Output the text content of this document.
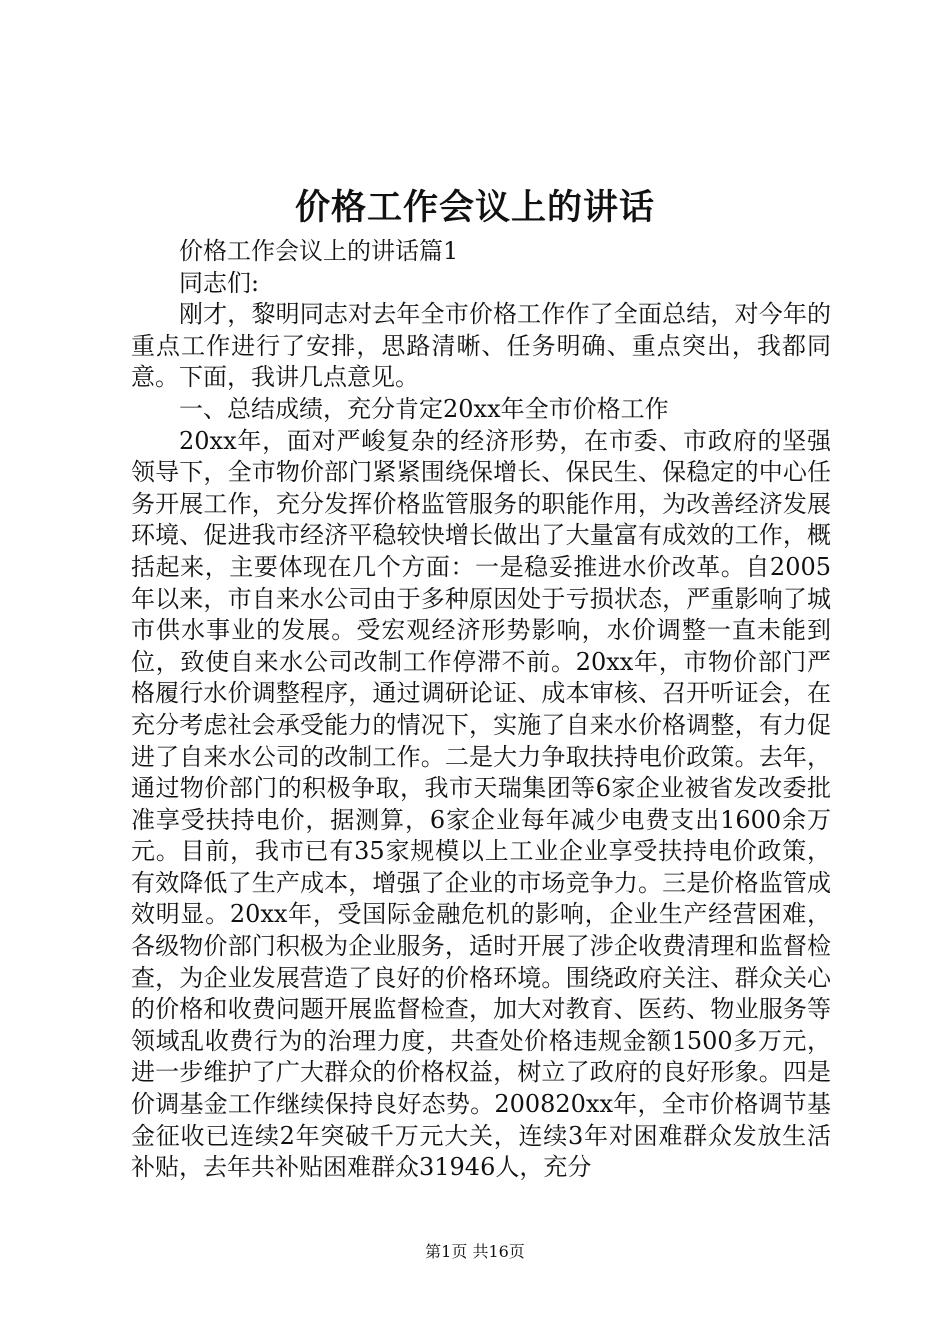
价格工作会议上的讲话

价格工作会议上的讲话篇1

同志们:

刚才，黎明同志对去年全市价格工作作了全面总结，对今年的重点工作进行了安排，思路清晰、任务明确、重点突出，我都同意。下面，我讲几点意见。

一、总结成绩，充分肯定20xx年全市价格工作

20xx年，面对严峻复杂的经济形势，在市委、市政府的坚强领导下，全市物价部门紧紧围绕保增长、保民生、保稳定的中心任务开展工作，充分发挥价格监管服务的职能作用，为改善经济发展环境、促进我市经济平稳较快增长做出了大量富有成效的工作，概括起来，主要体现在几个方面：一是稳妥推进水价改革。自2005年以来，市自来水公司由于多种原因处于亏损状态，严重影响了城市供水事业的发展。受宏观经济形势影响，水价调整一直未能到位，致使自来水公司改制工作停滞不前。20xx年，市物价部门严格履行水价调整程序，通过调研论证、成本审核、召开听证会，在充分考虑社会承受能力的情况下，实施了自来水价格调整，有力促进了自来水公司的改制工作。二是大力争取扶持电价政策。去年，通过物价部门的积极争取，我市天瑞集团等6家企业被省发改委批准享受扶持电价，据测算，6家企业每年减少电费支出1600余万元。目前，我市已有35家规模以上工业企业享受扶持电价政策，有效降低了生产成本，增强了企业的市场竞争力。三是价格监管成效明显。20xx年，受国际金融危机的影响，企业生产经营困难，各级物价部门积极为企业服务，适时开展了涉企收费清理和监督检查，为企业发展营造了良好的价格环境。围绕政府关注、群众关心的价格和收费问题开展监督检查，加大对教育、医药、物业服务等领域乱收费行为的治理力度，共查处价格违规金额1500多万元，进一步维护了广大群众的价格权益，树立了政府的良好形象。四是价调基金工作继续保持良好态势。200820xx年，全市价格调节基金征收已连续2年突破千万元大关，连续3年对困难群众发放生活补贴，去年共补贴困难群众31946人，充分

第1页 共16页
